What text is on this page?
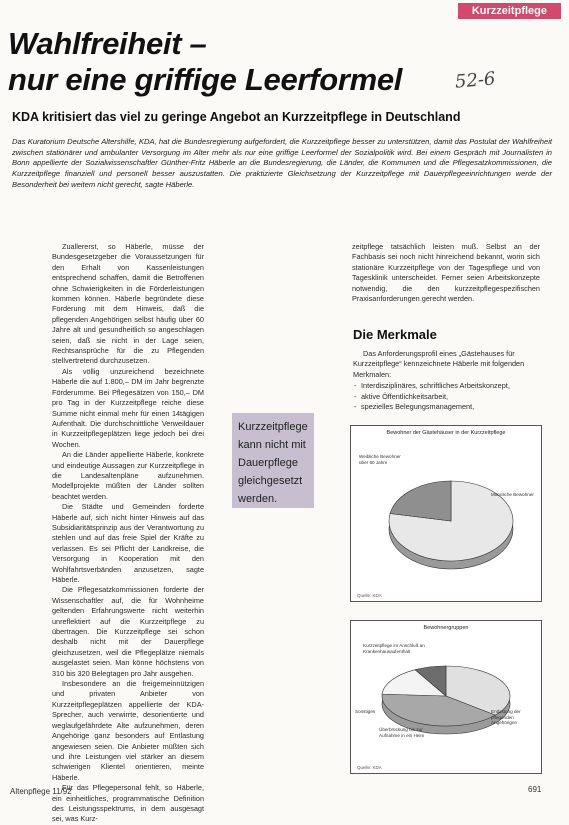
Kurzzeitpflege
Wahlfreiheit –
nur eine griffige Leerformel	52-6
KDA kritisiert das viel zu geringe Angebot an Kurzzeitpflege in Deutschland
Das Kuratorium Deutsche Altershilfe, KDA, hat die Bundesregierung aufgefordert, die Kurzzeitpflege besser zu unterstützen, damit das Postulat der Wahlfreiheit zwischen stationärer und ambulanter Versorgung im Alter mehr als nur eine griffige Leerformel der Sozialpolitik wird. Bei einem Gespräch mit Journalisten in Bonn appellierte der Sozialwissenschaftler Günther-Fritz Häberle an die Bundesregierung, die Länder, die Kommunen und die Pflegesatzkommissionen, die Kurzzeitpflege finanziell und personell besser auszustatten. Die praktizierte Gleichsetzung der Kurzzeitpflege mit Dauerpflegeeinrichtungen werde der Besonderheit bei weitem nicht gerecht, sagte Häberle.

Zuallererst, so Häberle, müsse der Bundesgesetzgeber die Voraussetzungen für den Erhalt von Kassenleistungen entsprechend schaffen, damit die Betroffenen ohne Schwierigkeiten in die Förderleistungen kommen können. Häberle begründete diese Forderung mit dem Hinweis, daß die pflegenden Angehörigen selbst häufig über 60 Jahre alt und gesundheitlich so angeschlagen seien, daß sie nicht in der Lage seien, Rechtsansprüche für die zu Pflegenden stellvertretend durchzusetzen.

Als völlig unzureichend bezeichnete Häberle die auf 1.800,– DM im Jahr begrenzte Förderumme. Bei Pflegesätzen von 150,– DM pro Tag in der Kurzzeitpflege reiche diese Summe nicht einmal mehr für einen 14tägigen Aufenthalt. Die durchschnittliche Verweildauer in Kurzzeitpflegeplätzen liege jedoch bei drei Wochen.

An die Länder appellierte Häberle, konkrete und eindeutige Aussagen zur Kurzzeitpflege in die Landesaltenpläne aufzunehmen. Modellprojekte müßten der Länder sollten beachtet werden.

Die Städte und Gemeinden forderte Häberle auf, sich nicht hinter Hinweis auf das Subsidiaritätsprinzip aus der Verantwortung zu stehlen und auf das freie Spiel der Kräfte zu verlassen. Es sei Pflicht der Landkreise, die Versorgung in Kooperation mit den Wohlfahrtsverbänden anzusetzen, sagte Häberle.

Die Pflegesatzkommissionen forderte der Wissenschaftler auf, die für Wohnheime geltenden Erfahrungswerte nicht weiterhin unreflektiert auf die Kurzzeitpflege zu übertragen. Die Kurzzeitpflege sei schon deshalb nicht mit der Dauerpflege gleichzusetzen, weil die Pflegeplätze niemals ausgelastet seien. Man könne höchstens von 310 bis 320 Belegtagen pro Jahr ausgehen.

Insbesondere an die freigemeinnützigen und privaten Anbieter von Kurzzeitpflegeplätzen appellierte der KDA-Sprecher, auch verwirrte, desorientierte und weglaufgefährdete Alte aufzunehmen, deren Angehörige ganz besonders auf Entlastung angewiesen seien. Die Anbieter müßten sich und ihre Leistungen viel stärker an diesem schwierigen Klientel orientieren, meinte Häberle.

Für das Pflegepersonal fehlt, so Häberle, ein einheitliches, programmatische Definition des Leistungsspektrums, in dem ausgesagt sei, was Kurz-

zeitpflege tatsächlich leisten muß. Selbst an der Fachbasis sei noch nicht hinreichend bekannt, worin sich stationäre Kurzzeitpflege von der Tagespflege und von Tagesklinik unterscheidet. Ferner seien Arbeitskonzepte notwendig, die den kurzzeitpflegespezifischen Praxisanforderungen gerecht werden.

Die Merkmale

Das Anforderungsprofil eines „Gästehauses für Kurzzeitpflege“ kennzeichnete Häberle mit folgenden Merkmalen:

- Interdisziplinäres, schriftliches Arbeitskonzept,
- aktive Öffentlichkeitsarbeit,
- spezielles Belegungsmanagement,
Kurzzeitpflege
kann nicht mit
Dauerpflege
gleichgesetzt
werden.
Bewohner der Gästehäuser in der Kurzzeitpflege
Weibliche Bewohner über 80 Jahre
Männliche Bewohner
Quelle: KDA
Bewohnergruppen
Kurzzeitpflege im Anschluß an Krankenhausaufenthalt
Entlastung der pflegenden Angehörigen
Überbrückung bis zur Aufnahme in ein Heim
Sonstiges
Quelle: KDA
Altenpflege 11/92	691
